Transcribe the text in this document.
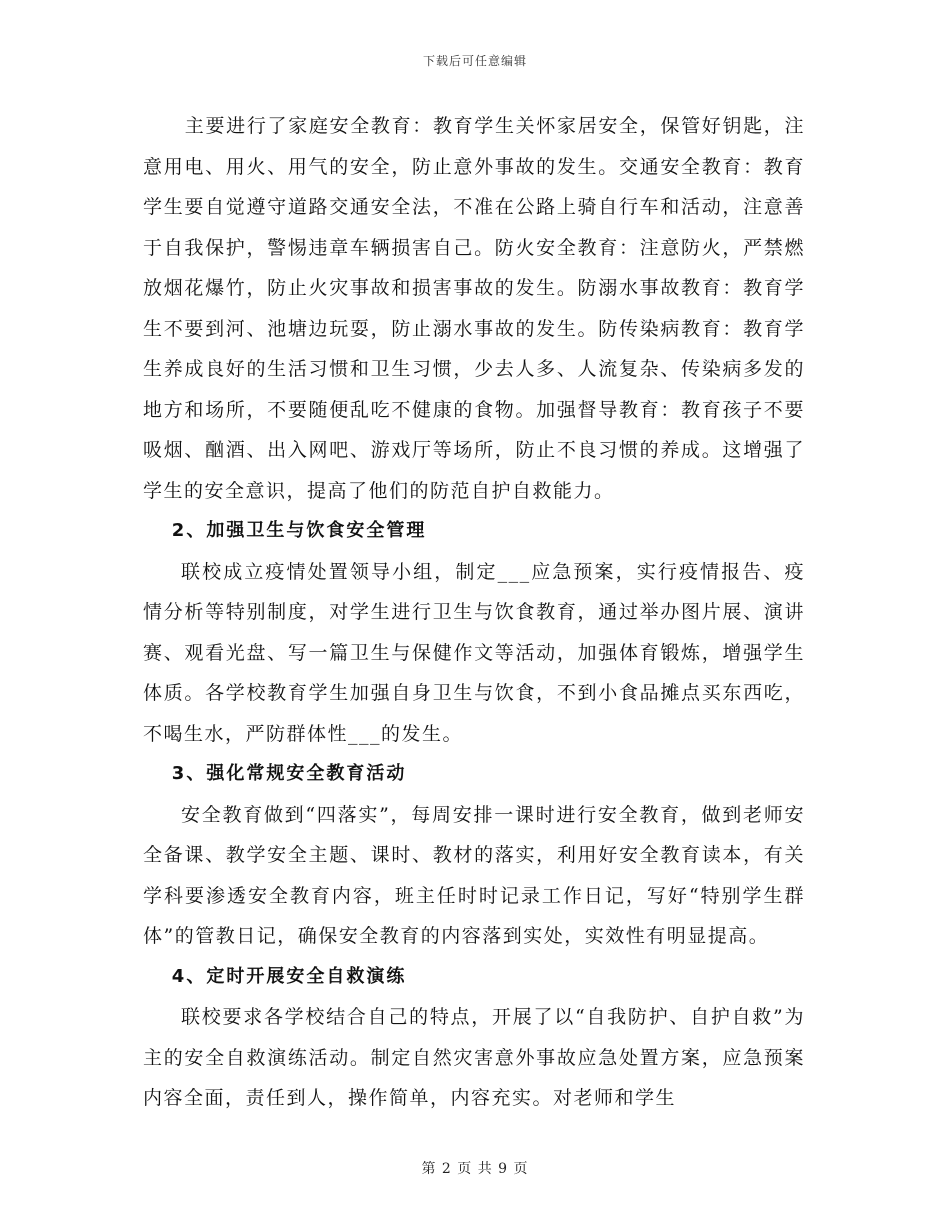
下载后可任意编辑

主要进行了家庭安全教育：教育学生关怀家居安全，保管好钥匙，注意用电、用火、用气的安全，防止意外事故的发生。交通安全教育：教育学生要自觉遵守道路交通安全法，不准在公路上骑自行车和活动，注意善于自我保护，警惕违章车辆损害自己。防火安全教育：注意防火，严禁燃放烟花爆竹，防止火灾事故和损害事故的发生。防溺水事故教育：教育学生不要到河、池塘边玩耍，防止溺水事故的发生。防传染病教育：教育学生养成良好的生活习惯和卫生习惯，少去人多、人流复杂、传染病多发的地方和场所，不要随便乱吃不健康的食物。加强督导教育：教育孩子不要吸烟、酗酒、出入网吧、游戏厅等场所，防止不良习惯的养成。这增强了学生的安全意识，提高了他们的防范自护自救能力。

2、加强卫生与饮食安全管理

联校成立疫情处置领导小组，制定___应急预案，实行疫情报告、疫情分析等特别制度，对学生进行卫生与饮食教育，通过举办图片展、演讲赛、观看光盘、写一篇卫生与保健作文等活动，加强体育锻炼，增强学生体质。各学校教育学生加强自身卫生与饮食，不到小食品摊点买东西吃，不喝生水，严防群体性___的发生。

3、强化常规安全教育活动

安全教育做到“四落实”，每周安排一课时进行安全教育，做到老师安全备课、教学安全主题、课时、教材的落实，利用好安全教育读本，有关学科要渗透安全教育内容，班主任时时记录工作日记，写好“特别学生群体”的管教日记，确保安全教育的内容落到实处，实效性有明显提高。

4、定时开展安全自救演练

联校要求各学校结合自己的特点，开展了以“自我防护、自护自救”为主的安全自救演练活动。制定自然灾害意外事故应急处置方案，应急预案内容全面，责任到人，操作简单，内容充实。对老师和学生

第 2 页 共 9 页
